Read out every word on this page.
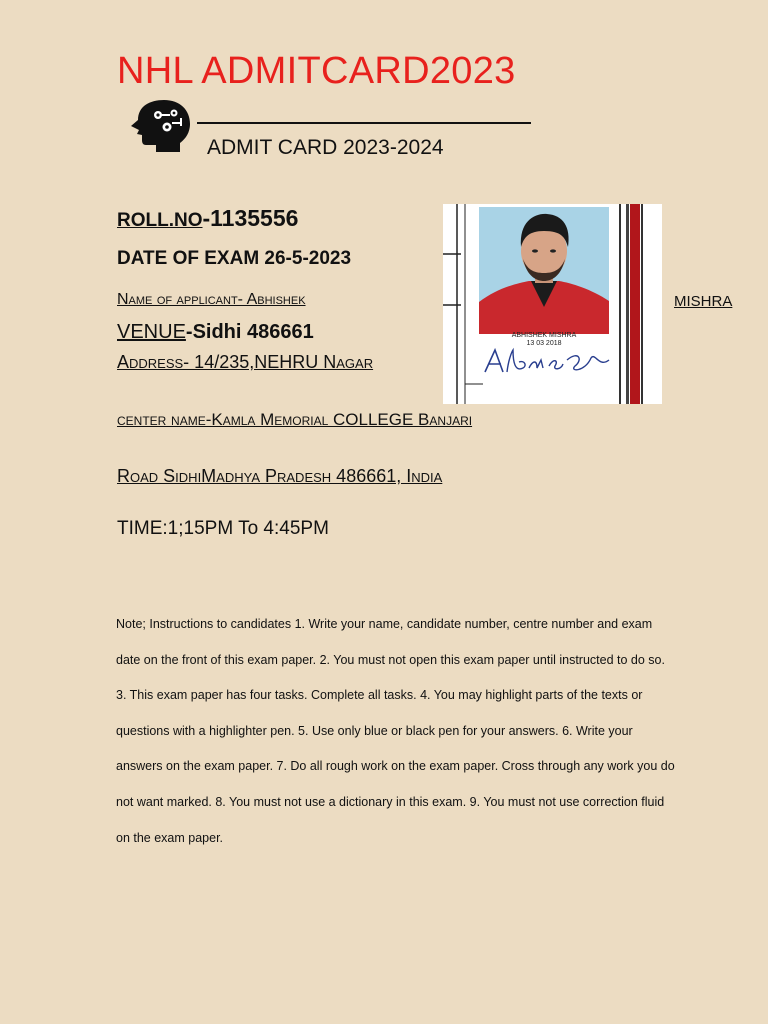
NHL ADMITCARD2023
ADMIT CARD 2023-2024
ROLL.NO-1135556
DATE OF EXAM 26-5-2023
Name of applicant- Abhishek	MISHRA
VENUE-Sidhi 486661
Address- 14/235,NEHRU Nagar
center name-Kamla Memorial COLLEGE Banjari
Road SidhiMadhya Pradesh 486661, India
TIME:1;15PM To 4:45PM
Note; Instructions to candidates 1. Write your name, candidate number, centre number and exam date on the front of this exam paper. 2. You must not open this exam paper until instructed to do so. 3. This exam paper has four tasks. Complete all tasks. 4. You may highlight parts of the texts or questions with a highlighter pen. 5. Use only blue or black pen for your answers. 6. Write your answers on the exam paper. 7. Do all rough work on the exam paper. Cross through any work you do not want marked. 8. You must not use a dictionary in this exam. 9. You must not use correction fluid on the exam paper.
ABHISHEK MISHRA
13 03 2018
